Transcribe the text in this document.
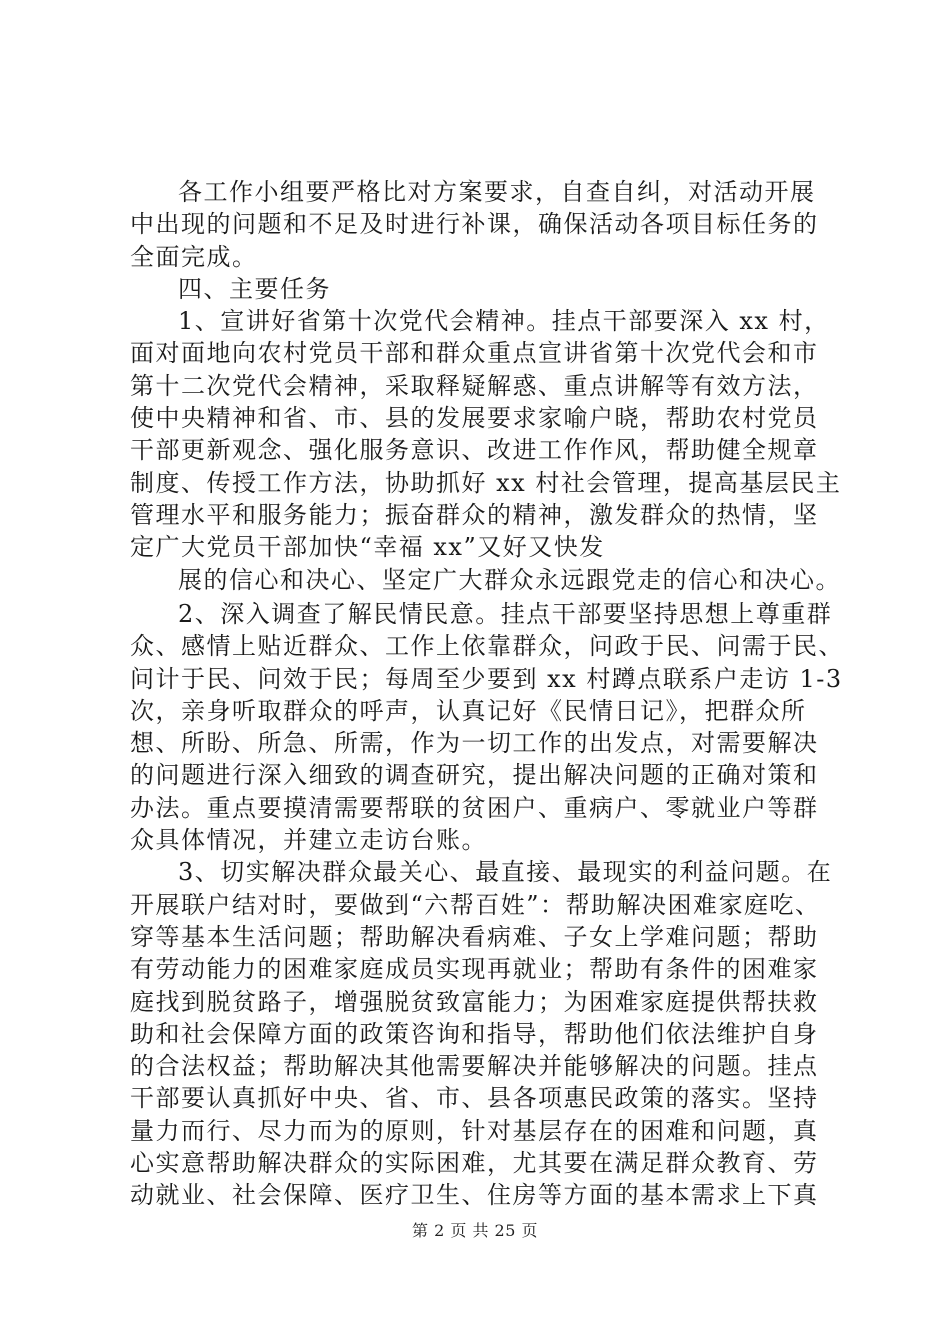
各工作小组要严格比对方案要求，自查自纠，对活动开展
中出现的问题和不足及时进行补课，确保活动各项目标任务的
全面完成。
四、主要任务
1、宣讲好省第十次党代会精神。挂点干部要深入 xx 村，
面对面地向农村党员干部和群众重点宣讲省第十次党代会和市
第十二次党代会精神，采取释疑解惑、重点讲解等有效方法，
使中央精神和省、市、县的发展要求家喻户晓，帮助农村党员
干部更新观念、强化服务意识、改进工作作风，帮助健全规章
制度、传授工作方法，协助抓好 xx 村社会管理，提高基层民主
管理水平和服务能力；振奋群众的精神，激发群众的热情，坚
定广大党员干部加快“幸福 xx”又好又快发
展的信心和决心、坚定广大群众永远跟党走的信心和决心。
2、深入调查了解民情民意。挂点干部要坚持思想上尊重群
众、感情上贴近群众、工作上依靠群众，问政于民、问需于民、
问计于民、问效于民；每周至少要到 xx 村蹲点联系户走访 1-3
次，亲身听取群众的呼声，认真记好《民情日记》，把群众所
想、所盼、所急、所需，作为一切工作的出发点，对需要解决
的问题进行深入细致的调查研究，提出解决问题的正确对策和
办法。重点要摸清需要帮联的贫困户、重病户、零就业户等群
众具体情况，并建立走访台账。
3、切实解决群众最关心、最直接、最现实的利益问题。在
开展联户结对时，要做到“六帮百姓”：帮助解决困难家庭吃、
穿等基本生活问题；帮助解决看病难、子女上学难问题；帮助
有劳动能力的困难家庭成员实现再就业；帮助有条件的困难家
庭找到脱贫路子，增强脱贫致富能力；为困难家庭提供帮扶救
助和社会保障方面的政策咨询和指导，帮助他们依法维护自身
的合法权益；帮助解决其他需要解决并能够解决的问题。挂点
干部要认真抓好中央、省、市、县各项惠民政策的落实。坚持
量力而行、尽力而为的原则，针对基层存在的困难和问题，真
心实意帮助解决群众的实际困难，尤其要在满足群众教育、劳
动就业、社会保障、医疗卫生、住房等方面的基本需求上下真
第 2 页 共 25 页
